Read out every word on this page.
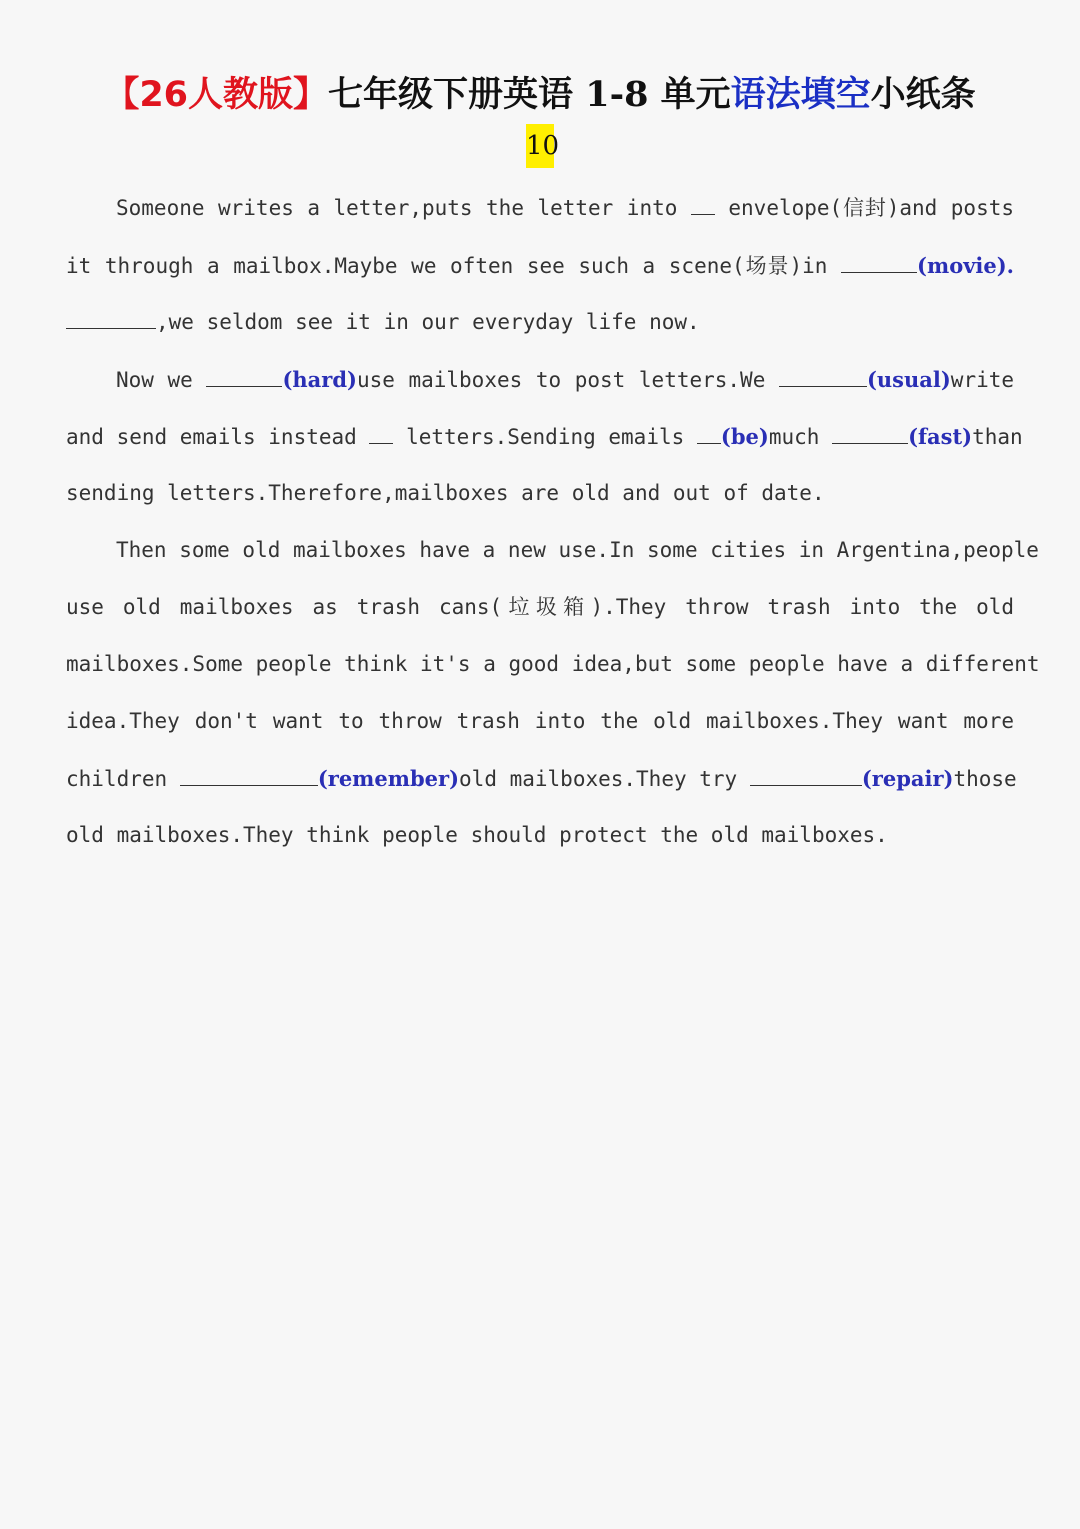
【26人教版】七年级下册英语 1-8 单元语法填空小纸条
10
Someone writes a letter,puts the letter into envelope(信封)and posts
it through a mailbox.Maybe we often see such a scene(场景)in	(movie).
,we seldom see it in our everyday life now.
Now we	(hard)use mailboxes to post letters.We	(usual)write
and send emails instead letters.Sending emails (be)much	(fast)than
sending letters.Therefore,mailboxes are old and out of date.
Then some old mailboxes have a new use.In some cities in Argentina,people
use old mailboxes as trash cans(垃圾箱).They throw trash into the old
mailboxes.Some people think it's a good idea,but some people have a different
idea.They don't want to throw trash into the old mailboxes.They want more
children	(remember)old mailboxes.They try	(repair)those
old mailboxes.They think people should protect the old mailboxes.
